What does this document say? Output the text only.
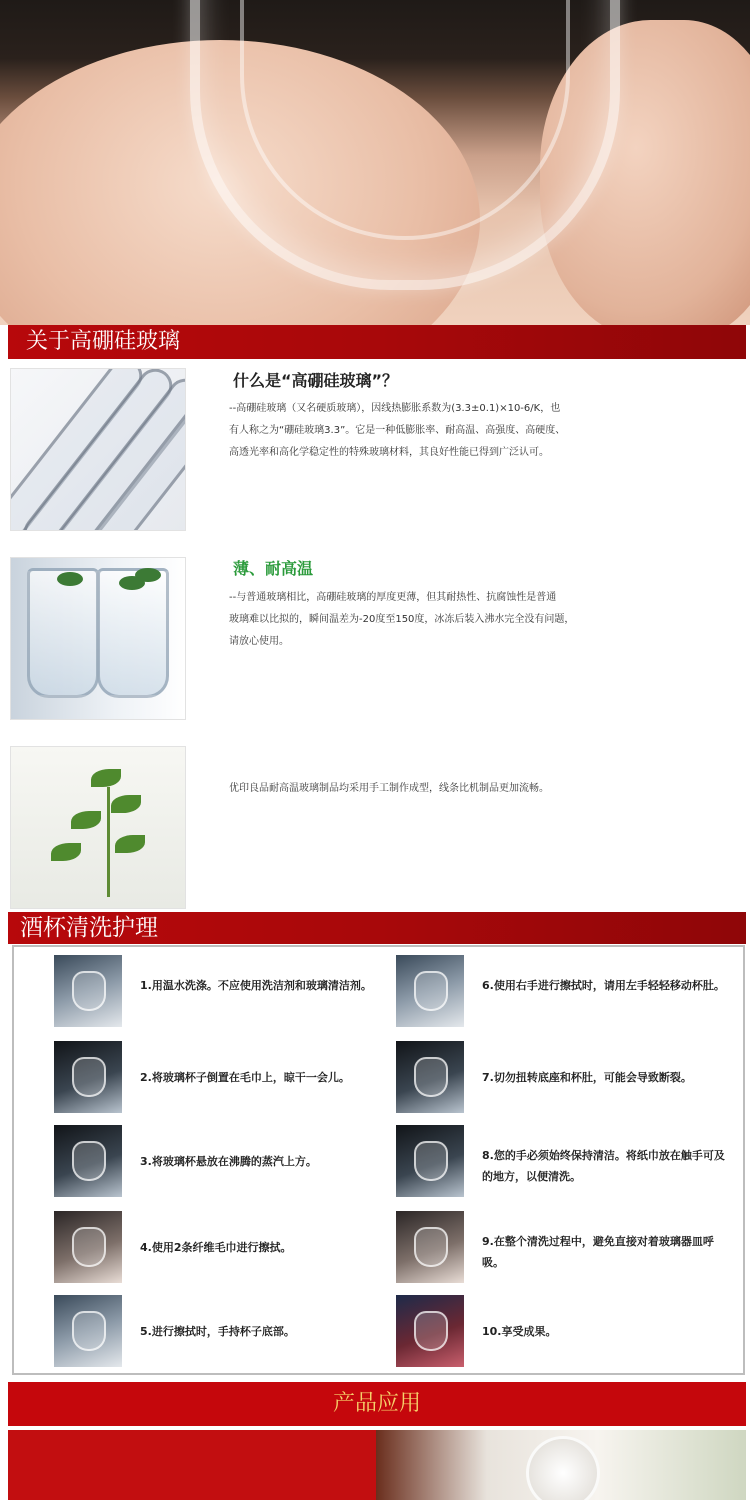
关于高硼硅玻璃
什么是“高硼硅玻璃”？
--高硼硅玻璃（又名硬质玻璃），因线热膨胀系数为(3.3±0.1)×10-6/K，也
有人称之为“硼硅玻璃3.3”。它是一种低膨胀率、耐高温、高强度、高硬度、
高透光率和高化学稳定性的特殊玻璃材料，其良好性能已得到广泛认可。
薄、耐高温
--与普通玻璃相比，高硼硅玻璃的厚度更薄，但其耐热性、抗腐蚀性是普通
玻璃难以比拟的，瞬间温差为-20度至150度，冰冻后装入沸水完全没有问题，
请放心使用。
优印良品耐高温玻璃制品均采用手工制作成型，线条比机制品更加流畅。
酒杯清洗护理
1.用温水洗涤。不应使用洗洁剂和玻璃清洁剂。
2.将玻璃杯子倒置在毛巾上，晾干一会儿。
3.将玻璃杯悬放在沸腾的蒸汽上方。
4.使用2条纤维毛巾进行擦拭。
5.进行擦拭时，手持杯子底部。
6.使用右手进行擦拭时，请用左手轻轻移动杯肚。
7.切勿扭转底座和杯肚，可能会导致断裂。
8.您的手必须始终保持清洁。将纸巾放在触手可及的地方，以便清洗。
9.在整个清洗过程中，避免直接对着玻璃器皿呼吸。
10.享受成果。
产品应用
